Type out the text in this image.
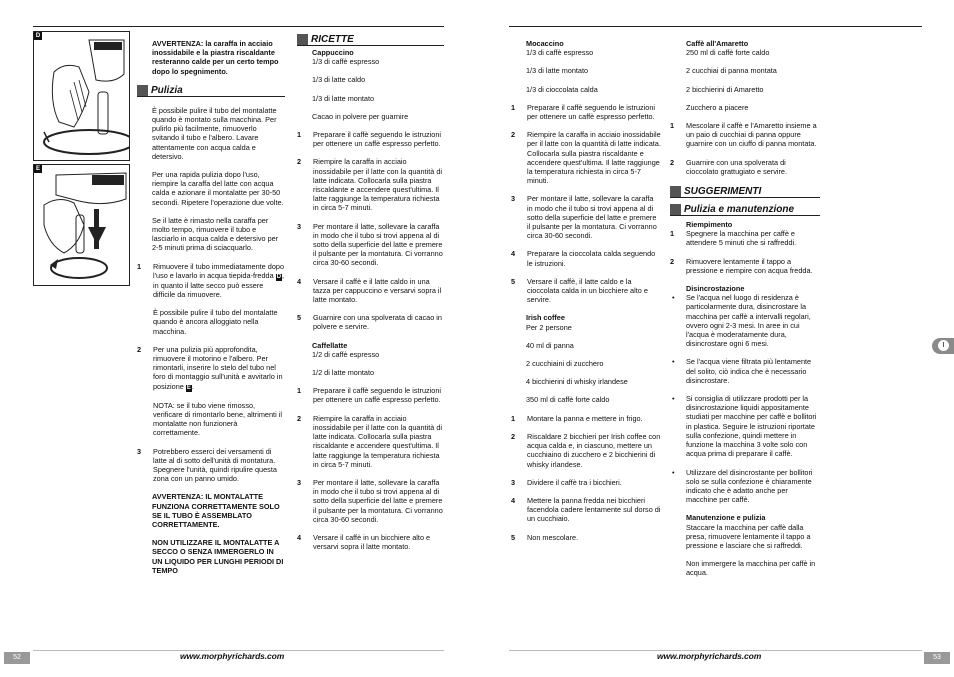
D
E

AVVERTENZA: la caraffa in acciaio inossidabile e la piastra riscaldante resteranno calde per un certo tempo dopo lo spegnimento.

Pulizia

È possibile pulire il tubo del montalatte quando è montato sulla macchina. Per pulirlo più facilmente, rimuoverlo svitando il tubo e l'albero. Lavare attentamente con acqua calda e detersivo.

Per una rapida pulizia dopo l'uso, riempire la caraffa del latte con acqua calda e azionare il montalatte per 30-50 secondi. Ripetere l'operazione due volte.

Se il latte è rimasto nella caraffa per molto tempo, rimuovere il tubo e lasciarlo in acqua calda e detersivo per 2-5 minuti prima di sciacquarlo.

1 Rimuovere il tubo immediatamente dopo l'uso e lavarlo in acqua tiepida-fredda D, in quanto il latte secco può essere difficile da rimuovere.

È possibile pulire il tubo del montalatte quando è ancora alloggiato nella macchina.

2 Per una pulizia più approfondita, rimuovere il motorino e l'albero. Per rimontarli, inserire lo stelo del tubo nel foro di montaggio sull'unità e avvitarlo in posizione E.

NOTA: se il tubo viene rimosso, verificare di rimontarlo bene, altrimenti il montalatte non funzionerà correttamente.

3 Potrebbero esserci dei versamenti di latte al di sotto dell'unità di montatura. Spegnere l'unità, quindi ripulire questa zona con un panno umido.

AVVERTENZA: IL MONTALATTE FUNZIONA CORRETTAMENTE SOLO SE IL TUBO È ASSEMBLATO CORRETTAMENTE.

NON UTILIZZARE IL MONTALATTE A SECCO O SENZA IMMERGERLO IN UN LIQUIDO PER LUNGHI PERIODI DI TEMPO

RICETTE
Cappuccino

1/3 di caffè espresso

1/3 di latte caldo

1/3 di latte montato

Cacao in polvere per guarnire

1 Preparare il caffè seguendo le istruzioni per ottenere un caffè espresso perfetto.
2 Riempire la caraffa in acciaio inossidabile per il latte con la quantità di latte indicata. Collocarla sulla piastra riscaldante e accendere quest'ultima. Il latte raggiunge la temperatura richiesta in circa 5-7 minuti.
3 Per montare il latte, sollevare la caraffa in modo che il tubo si trovi appena al di sotto della superficie del latte e premere il pulsante per la montatura. Ci vorranno circa 30-60 secondi.
4 Versare il caffè e il latte caldo in una tazza per cappuccino e versarvi sopra il latte montato.
5 Guarnire con una spolverata di cacao in polvere e servire.
Caffellatte

1/2 di caffè espresso

1/2 di latte montato

1 Preparare il caffè seguendo le istruzioni per ottenere un caffè espresso perfetto.
2 Riempire la caraffa in acciaio inossidabile per il latte con la quantità di latte indicata. Collocarla sulla piastra riscaldante e accendere quest'ultima. Il latte raggiunge la temperatura richiesta in circa 5-7 minuti.
3 Per montare il latte, sollevare la caraffa in modo che il tubo si trovi appena al di sotto della superficie del latte e premere il pulsante per la montatura. Ci vorranno circa 30-60 secondi.
4 Versare il caffè in un bicchiere alto e versarvi sopra il latte montato.
Mocaccino

1/3 di caffè espresso

1/3 di latte montato

1/3 di cioccolata calda

1 Preparare il caffè seguendo le istruzioni per ottenere un caffè espresso perfetto.
2 Riempire la caraffa in acciaio inossidabile per il latte con la quantità di latte indicata. Collocarla sulla piastra riscaldante e accendere quest'ultima. Il latte raggiunge la temperatura richiesta in circa 5-7 minuti.
3 Per montare il latte, sollevare la caraffa in modo che il tubo si trovi appena al di sotto della superficie del latte e premere il pulsante per la montatura. Ci vorranno circa 30-60 secondi.
4 Preparare la cioccolata calda seguendo le istruzioni.
5 Versare il caffè, il latte caldo e la cioccolata calda in un bicchiere alto e servire.
Irish coffee

Per 2 persone

40 ml di panna

2 cucchiaini di zucchero

4 bicchierini di whisky irlandese

350 ml di caffè forte caldo

1 Montare la panna e mettere in frigo.
2 Riscaldare 2 bicchieri per Irish coffee con acqua calda e, in ciascuno, mettere un cucchiaino di zucchero e 2 bicchierini di whisky irlandese.
3 Dividere il caffè tra i bicchieri.
4 Mettere la panna fredda nei bicchieri facendola cadere lentamente sul dorso di un cucchiaio.
5 Non mescolare.
Caffè all'Amaretto

250 ml di caffè forte caldo

2 cucchiai di panna montata

2 bicchierini di Amaretto

Zucchero a piacere

1 Mescolare il caffè e l'Amaretto insieme a un paio di cucchiai di panna oppure guarnire con un ciuffo di panna montata.
2 Guarnire con una spolverata di cioccolato grattugiato e servire.
SUGGERIMENTI
Pulizia e manutenzione
Riempimento
1 Spegnere la macchina per caffè e attendere 5 minuti che si raffreddi.
2 Rimuovere lentamente il tappo a pressione e riempire con acqua fredda.
Disincrostazione
• Se l'acqua nel luogo di residenza è particolarmente dura, disincrostare la macchina per caffè a intervalli regolari, ovvero ogni 2-3 mesi. In aree in cui l'acqua è moderatamente dura, disincrostare ogni 6 mesi.
• Se l'acqua viene filtrata più lentamente del solito, ciò indica che è necessario disincrostare.
• Si consiglia di utilizzare prodotti per la disincrostazione liquidi appositamente studiati per macchine per caffè e bollitori in plastica. Seguire le istruzioni riportate sulla confezione, quindi mettere in funzione la macchina 3 volte solo con acqua prima di preparare il caffè.
• Utilizzare del disincrostante per bollitori solo se sulla confezione è chiaramente indicato che è adatto anche per macchine per caffè.
Manutenzione e pulizia

Staccare la macchina per caffè dalla presa, rimuovere lentamente il tappo a pressione e lasciare che si raffreddi.

Non immergere la macchina per caffè in acqua.

I
52	www.morphyrichards.com	www.morphyrichards.com	53
